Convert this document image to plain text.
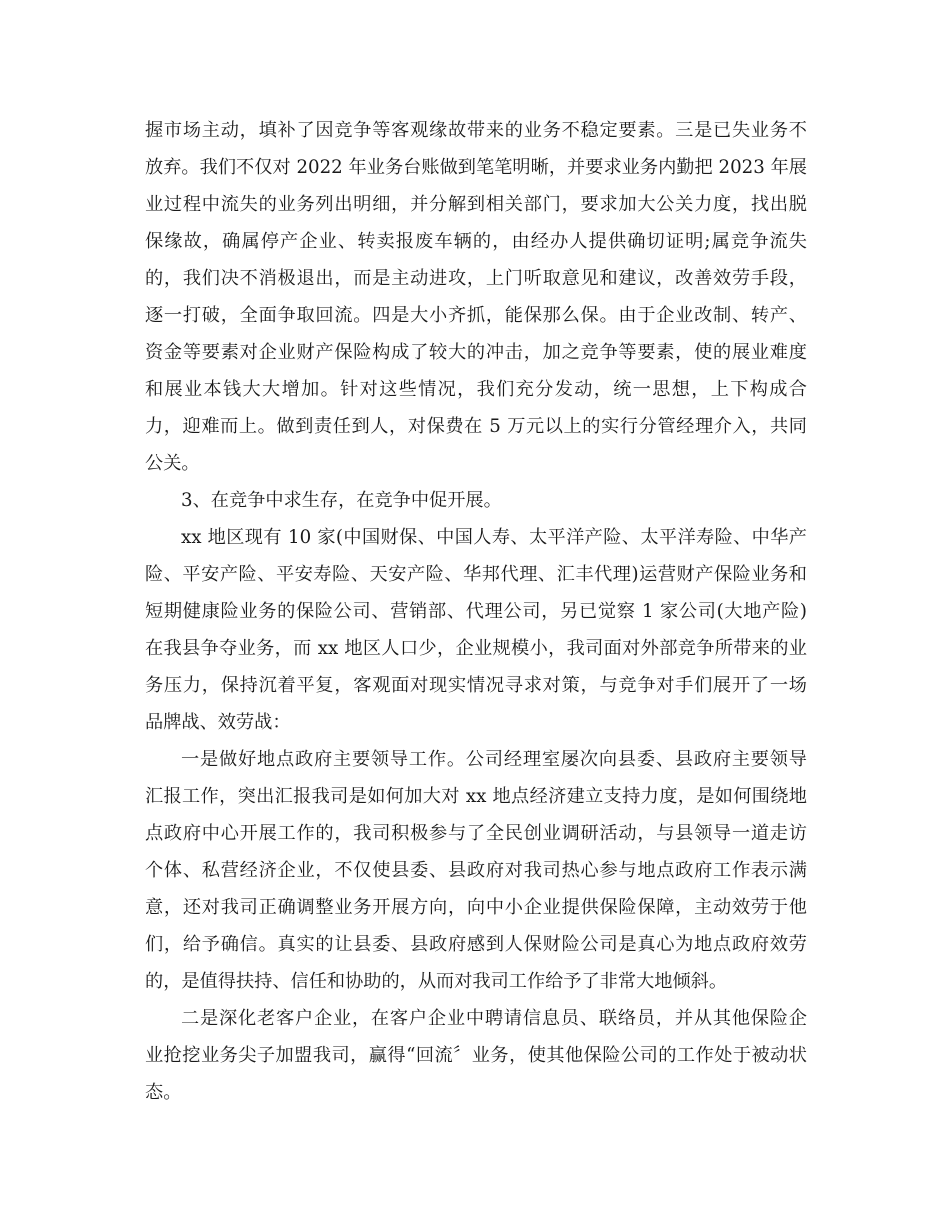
握市场主动，填补了因竞争等客观缘故带来的业务不稳定要素。三是已失业务不
放弃。我们不仅对 2022 年业务台账做到笔笔明晰，并要求业务内勤把 2023 年展
业过程中流失的业务列出明细，并分解到相关部门，要求加大公关力度，找出脱
保缘故，确属停产企业、转卖报废车辆的，由经办人提供确切证明;属竞争流失
的，我们决不消极退出，而是主动进攻，上门听取意见和建议，改善效劳手段，
逐一打破，全面争取回流。四是大小齐抓，能保那么保。由于企业改制、转产、
资金等要素对企业财产保险构成了较大的冲击，加之竞争等要素，使的展业难度
和展业本钱大大增加。针对这些情况，我们充分发动，统一思想，上下构成合
力，迎难而上。做到责任到人，对保费在 5 万元以上的实行分管经理介入，共同
公关。
3、在竞争中求生存，在竞争中促开展。
xx 地区现有 10 家(中国财保、中国人寿、太平洋产险、太平洋寿险、中华产
险、平安产险、平安寿险、天安产险、华邦代理、汇丰代理)运营财产保险业务和
短期健康险业务的保险公司、营销部、代理公司，另已觉察 1 家公司(大地产险)
在我县争夺业务，而 xx 地区人口少，企业规模小，我司面对外部竞争所带来的业
务压力，保持沉着平复，客观面对现实情况寻求对策，与竞争对手们展开了一场
品牌战、效劳战：
一是做好地点政府主要领导工作。公司经理室屡次向县委、县政府主要领导
汇报工作，突出汇报我司是如何加大对 xx 地点经济建立支持力度，是如何围绕地
点政府中心开展工作的，我司积极参与了全民创业调研活动，与县领导一道走访
个体、私营经济企业，不仅使县委、县政府对我司热心参与地点政府工作表示满
意，还对我司正确调整业务开展方向，向中小企业提供保险保障，主动效劳于他
们，给予确信。真实的让县委、县政府感到人保财险公司是真心为地点政府效劳
的，是值得扶持、信任和协助的，从而对我司工作给予了非常大地倾斜。
二是深化老客户企业，在客户企业中聘请信息员、联络员，并从其他保险企
业抢挖业务尖子加盟我司，赢得“回流〞业务，使其他保险公司的工作处于被动状
态。
